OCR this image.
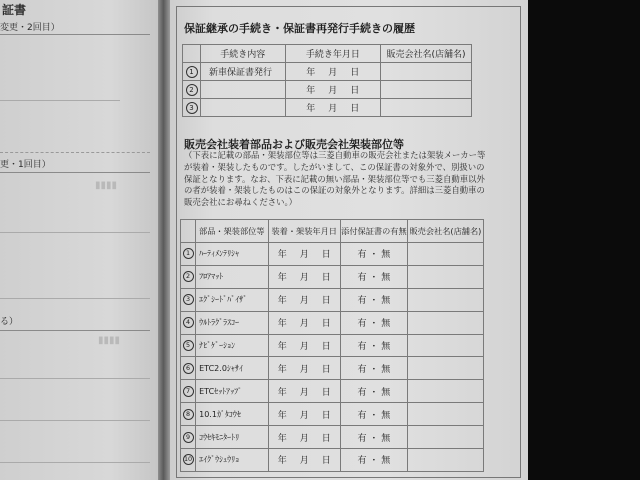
証書
変更・2回目）
更・1回目）
▮▮▮▮
る）
▮▮▮▮
保証継承の手続き・保証書再発行手続きの履歴
	手続き内容	手続き年月日	販売会社名(店舗名)
1	新車保証書発行	年 月 日	
2		年 月 日	
3		年 月 日	
販売会社装着部品および販売会社架装部位等
（下表に記載の部品・架装部位等は三菱自動車の販売会社または架装メーカー等
が装着・架装したものです。したがいまして、この保証書の対象外で、別扱いの
保証となります。なお、下表に記載の無い部品・架装部位等でも三菱自動車以外
の者が装着・架装したものはこの保証の対象外となります。詳細は三菱自動車の
販売会社にお尋ねください。）
	部品・架装部位等	装着・架装年月日	添付保証書の有無	販売会社名(店舗名)
1	ﾊｰﾃｨﾒﾝﾃﾘｼｬ	年 月 日	有 ・ 無	
2	ﾌﾛｱﾏｯﾄ	年 月 日	有 ・ 無	
3	ｴｸﾞｼｰﾄﾞﾊﾞｲｻﾞ	年 月 日	有 ・ 無	
4	ｳﾙﾄﾗｸﾞﾗｽｺｰ	年 月 日	有 ・ 無	
5	ﾅﾋﾞｹﾞｰｼｮﾝ	年 月 日	有 ・ 無	
6	ETC2.0ｼｬｻｲ	年 月 日	有 ・ 無	
7	ETCｾｯﾄｱｯﾌﾟ	年 月 日	有 ・ 無	
8	10.1ｶﾞﾀｺｳｾ	年 月 日	有 ・ 無	
9	ｺｳｾｷﾓﾆﾀｰﾄﾘ	年 月 日	有 ・ 無	
10	ｴｲｸﾞｳｼｭｳﾘｮ	年 月 日	有 ・ 無	
